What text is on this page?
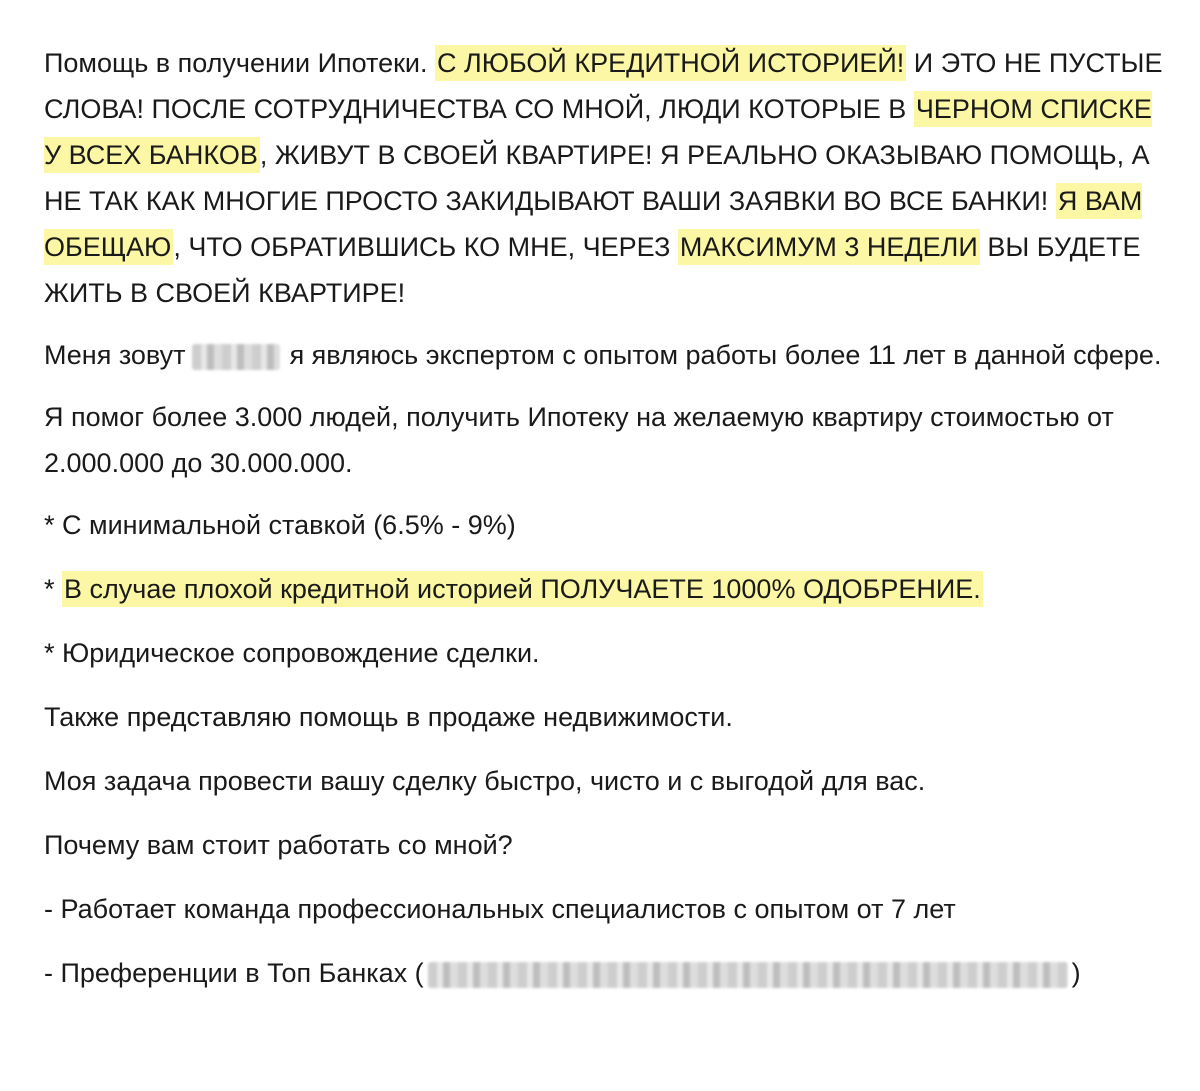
Помощь в получении Ипотеки. С ЛЮБОЙ КРЕДИТНОЙ ИСТОРИЕЙ! И ЭТО НЕ ПУСТЫЕ СЛОВА! ПОСЛЕ СОТРУДНИЧЕСТВА СО МНОЙ, ЛЮДИ КОТОРЫЕ В ЧЕРНОМ СПИСКЕ У ВСЕХ БАНКОВ, ЖИВУТ В СВОЕЙ КВАРТИРЕ! Я РЕАЛЬНО ОКАЗЫВАЮ ПОМОЩЬ, А НЕ ТАК КАК МНОГИЕ ПРОСТО ЗАКИДЫВАЮТ ВАШИ ЗАЯВКИ ВО ВСЕ БАНКИ! Я ВАМ ОБЕЩАЮ, ЧТО ОБРАТИВШИСЬ КО МНЕ, ЧЕРЕЗ МАКСИМУМ 3 НЕДЕЛИ ВЫ БУДЕТЕ ЖИТЬ В СВОЕЙ КВАРТИРЕ!

Меня зовут	я являюсь экспертом с опытом работы более 11 лет в данной сфере.

Я помог более 3.000 людей, получить Ипотеку на желаемую квартиру стоимостью от 2.000.000 до 30.000.000.

* С минимальной ставкой (6.5% - 9%)

* В случае плохой кредитной историей ПОЛУЧАЕТЕ 1000% ОДОБРЕНИЕ.

* Юридическое сопровождение сделки.

Также представляю помощь в продаже недвижимости.

Моя задача провести вашу сделку быстро, чисто и с выгодой для вас.

Почему вам стоит работать со мной?

- Работает команда профессиональных специалистов с опытом от 7 лет

- Преференции в Топ Банках (	)
